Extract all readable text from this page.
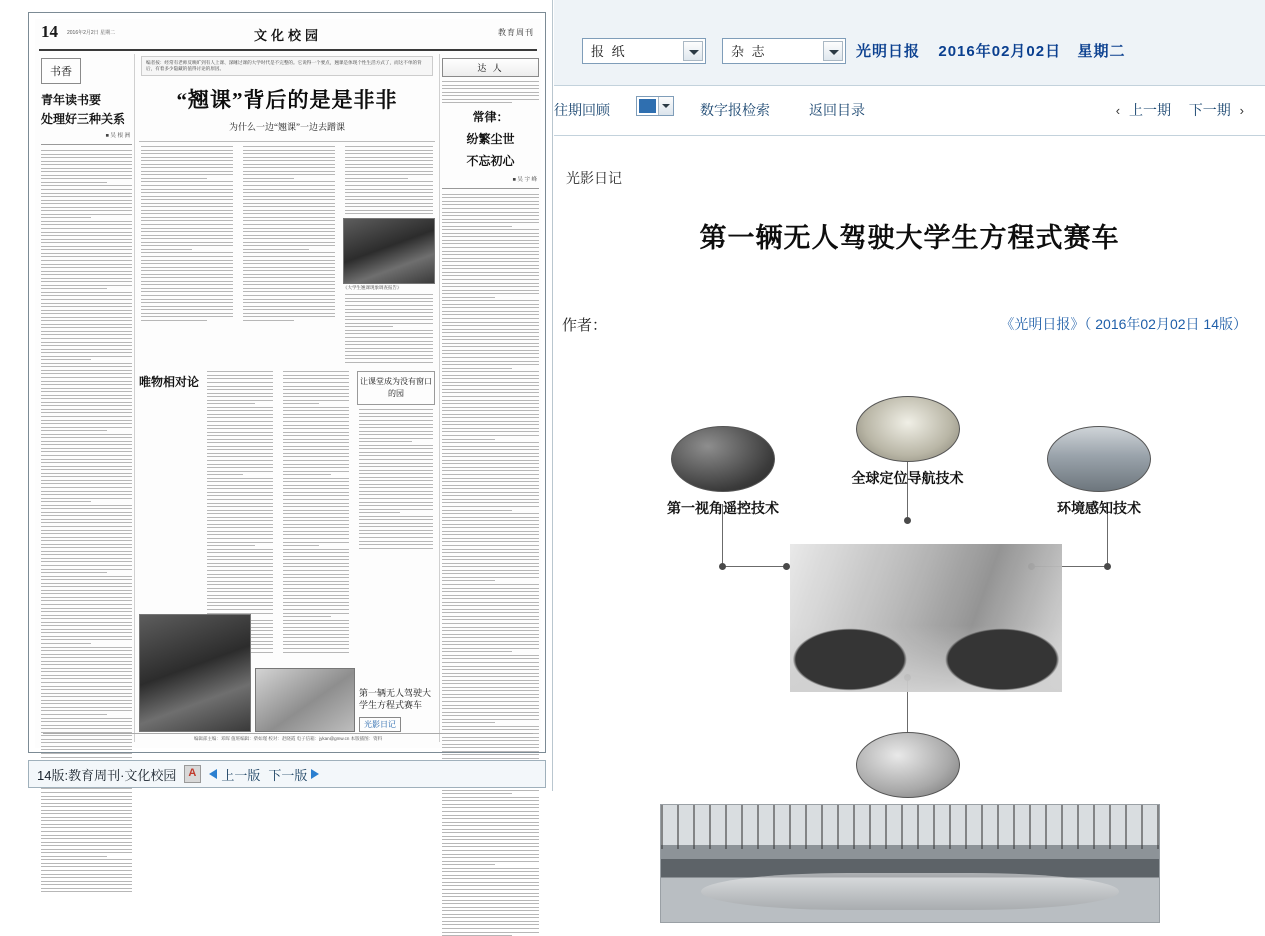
14 2016年2月2日 星期二	文化校园	教育周刊
书香
青年读书要
处理好三种关系
■ 吴 根 洲
编者按：经常有老师反映旷到有人上课、深睡过课的大学时代是不完整的。它说得一个要点，翘课是体现个性生活方式了，而这不单的背后，有着多少隐藏的值得讨论的原因。
“翘课”背后的是是非非
为什么一边“翘课”一边去蹭课
《大学生翘课现象调查报告》
唯物相对论	让课堂成为没有窗口的园
第一辆无人驾驶大学生方程式赛车
光影日记
达 人
常律：
纷繁尘世
不忘初心
■ 吴 宇 峰
编辑部主编：邓晖 值班编辑：柴如瑾 校对：赵晓霞 电子信箱：jykan@gmw.cn 本版插图：资料
14版:教育周刊·文化校园 A	上一版 下一版
报 纸	杂 志	光明日报 2016年02月02日 星期二
往期回顾	数字报检索	返回目录	‹ 上一期 下一期 ›
光影日记
第一辆无人驾驶大学生方程式赛车
作者：	《光明日报》（ 2016年02月02日 14版）
第一视角遥控技术
全球定位导航技术
环境感知技术
